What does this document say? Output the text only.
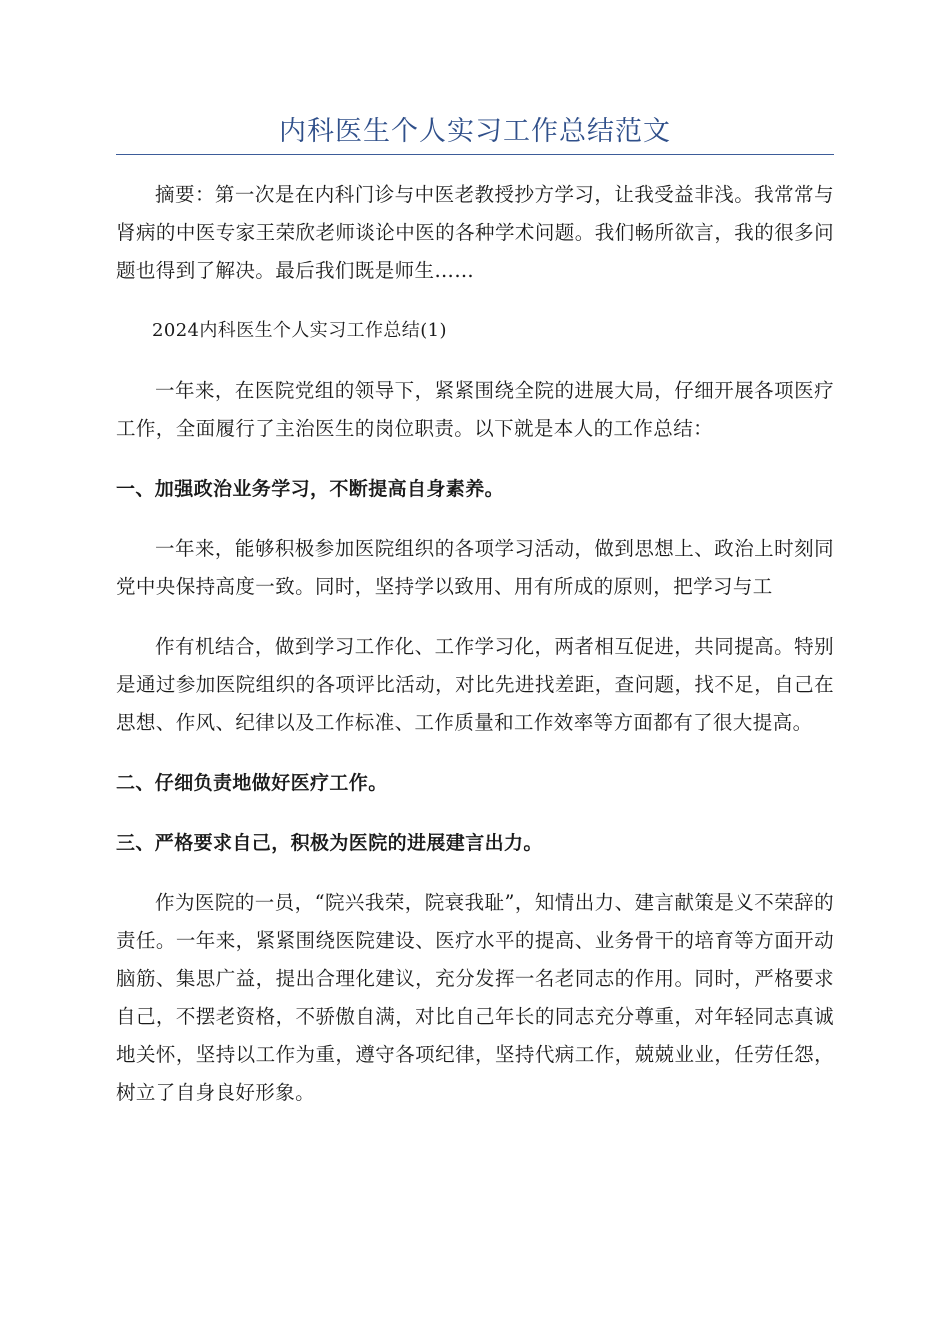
内科医生个人实习工作总结范文

摘要：第一次是在内科门诊与中医老教授抄方学习，让我受益非浅。我常常与肾病的中医专家王荣欣老师谈论中医的各种学术问题。我们畅所欲言，我的很多问题也得到了解决。最后我们既是师生……

2024内科医生个人实习工作总结(1)

一年来，在医院党组的领导下，紧紧围绕全院的进展大局，仔细开展各项医疗工作，全面履行了主治医生的岗位职责。以下就是本人的工作总结：

一、加强政治业务学习，不断提高自身素养。

一年来，能够积极参加医院组织的各项学习活动，做到思想上、政治上时刻同党中央保持高度一致。同时，坚持学以致用、用有所成的原则，把学习与工

作有机结合，做到学习工作化、工作学习化，两者相互促进，共同提高。特别是通过参加医院组织的各项评比活动，对比先进找差距，查问题，找不足，自己在思想、作风、纪律以及工作标准、工作质量和工作效率等方面都有了很大提高。

二、仔细负责地做好医疗工作。
三、严格要求自己，积极为医院的进展建言出力。

作为医院的一员，“院兴我荣，院衰我耻”，知情出力、建言献策是义不荣辞的责任。一年来，紧紧围绕医院建设、医疗水平的提高、业务骨干的培育等方面开动脑筋、集思广益，提出合理化建议，充分发挥一名老同志的作用。同时，严格要求自己，不摆老资格，不骄傲自满，对比自己年长的同志充分尊重，对年轻同志真诚地关怀，坚持以工作为重，遵守各项纪律，坚持代病工作，兢兢业业，任劳任怨，树立了自身良好形象。
